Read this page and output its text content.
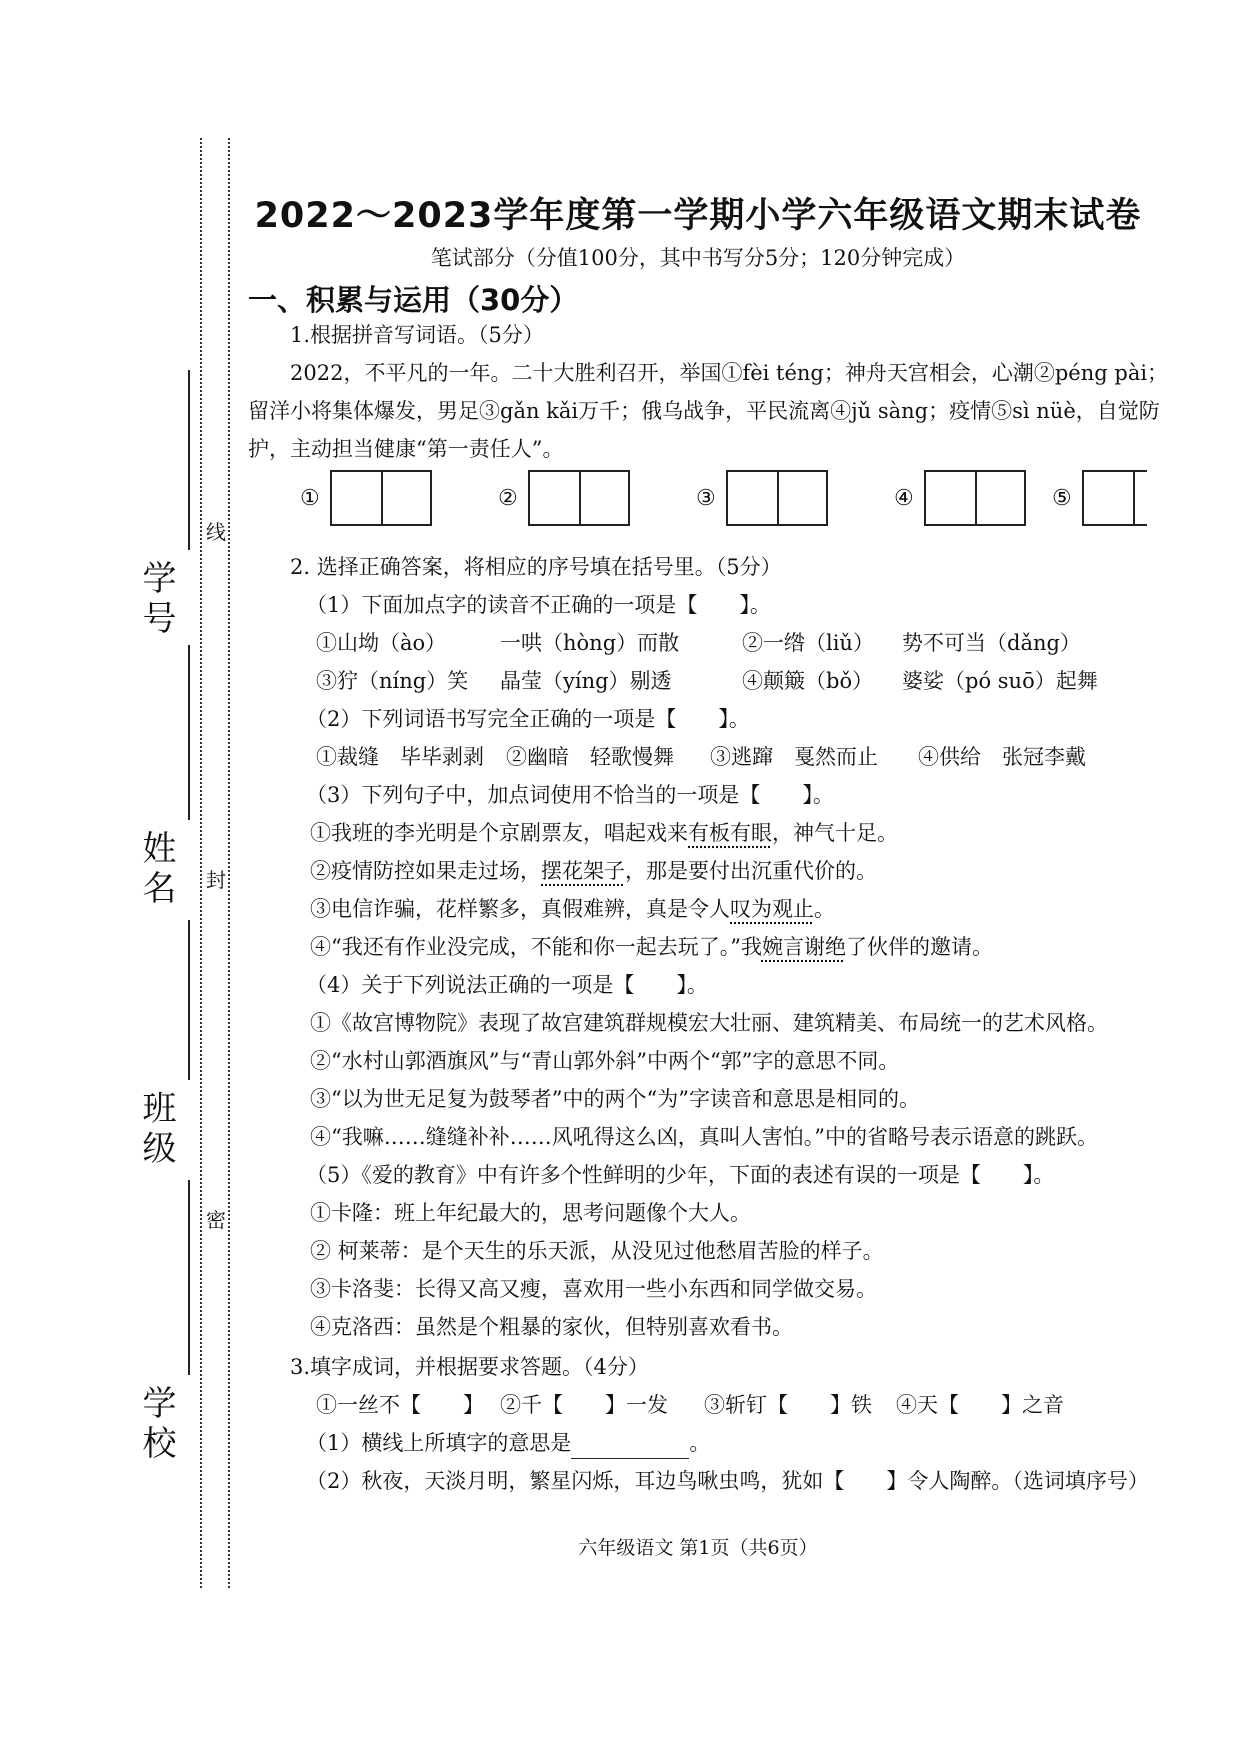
线
封
密
学号
姓名
班级
学校
2022～2023学年度第一学期小学六年级语文期末试卷
笔试部分（分值100分，其中书写分5分；120分钟完成）
一、积累与运用（30分）
1.根据拼音写词语。（5分）
2022，不平凡的一年。二十大胜利召开，举国①fèi téng；神舟天宫相会，心潮②péng pài；
留洋小将集体爆发，男足③gǎn kǎi万千；俄乌战争，平民流离④jǔ sàng；疫情⑤sì nüè，自觉防
护，主动担当健康“第一责任人”。
①	②	③	④	⑤
2. 选择正确答案，将相应的序号填在括号里。（5分）
（1）下面加点字的读音不正确的一项是【　　】。
①山坳（ào）	一哄（hòng）而散	②一绺（liǔ） 势不可当（dǎng）
③狞（níng）笑 晶莹（yíng）剔透	④颠簸（bǒ） 婆娑（pó suō）起舞
（2）下列词语书写完全正确的一项是【　　】。
①裁缝　毕毕剥剥 ②幽暗　轻歌慢舞 ③逃蹿　戛然而止 ④供给　张冠李戴
（3）下列句子中，加点词使用不恰当的一项是【　　】。
①我班的李光明是个京剧票友，唱起戏来有板有眼，神气十足。
②疫情防控如果走过场，摆花架子，那是要付出沉重代价的。
③电信诈骗，花样繁多，真假难辨，真是令人叹为观止。
④“我还有作业没完成，不能和你一起去玩了。”我婉言谢绝了伙伴的邀请。
（4）关于下列说法正确的一项是【　　】。
①《故宫博物院》表现了故宫建筑群规模宏大壮丽、建筑精美、布局统一的艺术风格。
②“水村山郭酒旗风”与“青山郭外斜”中两个“郭”字的意思不同。
③“以为世无足复为鼓琴者”中的两个“为”字读音和意思是相同的。
④“我嘛……缝缝补补……风吼得这么凶，真叫人害怕。”中的省略号表示语意的跳跃。
（5）《爱的教育》中有许多个性鲜明的少年，下面的表述有误的一项是【　　】。
①卡隆：班上年纪最大的，思考问题像个大人。
② 柯莱蒂：是个天生的乐天派，从没见过他愁眉苦脸的样子。
③卡洛斐：长得又高又瘦，喜欢用一些小东西和同学做交易。
④克洛西：虽然是个粗暴的家伙，但特别喜欢看书。
3.填字成词，并根据要求答题。（4分）
①一丝不【　　】 ②千【　　】一发 ③斩钉【　　】铁 ④天【　　】之音
（1）横线上所填字的意思是	。
（2）秋夜，天淡月明，繁星闪烁，耳边鸟啾虫鸣，犹如【　　】令人陶醉。（选词填序号）
六年级语文 第1页（共6页）
